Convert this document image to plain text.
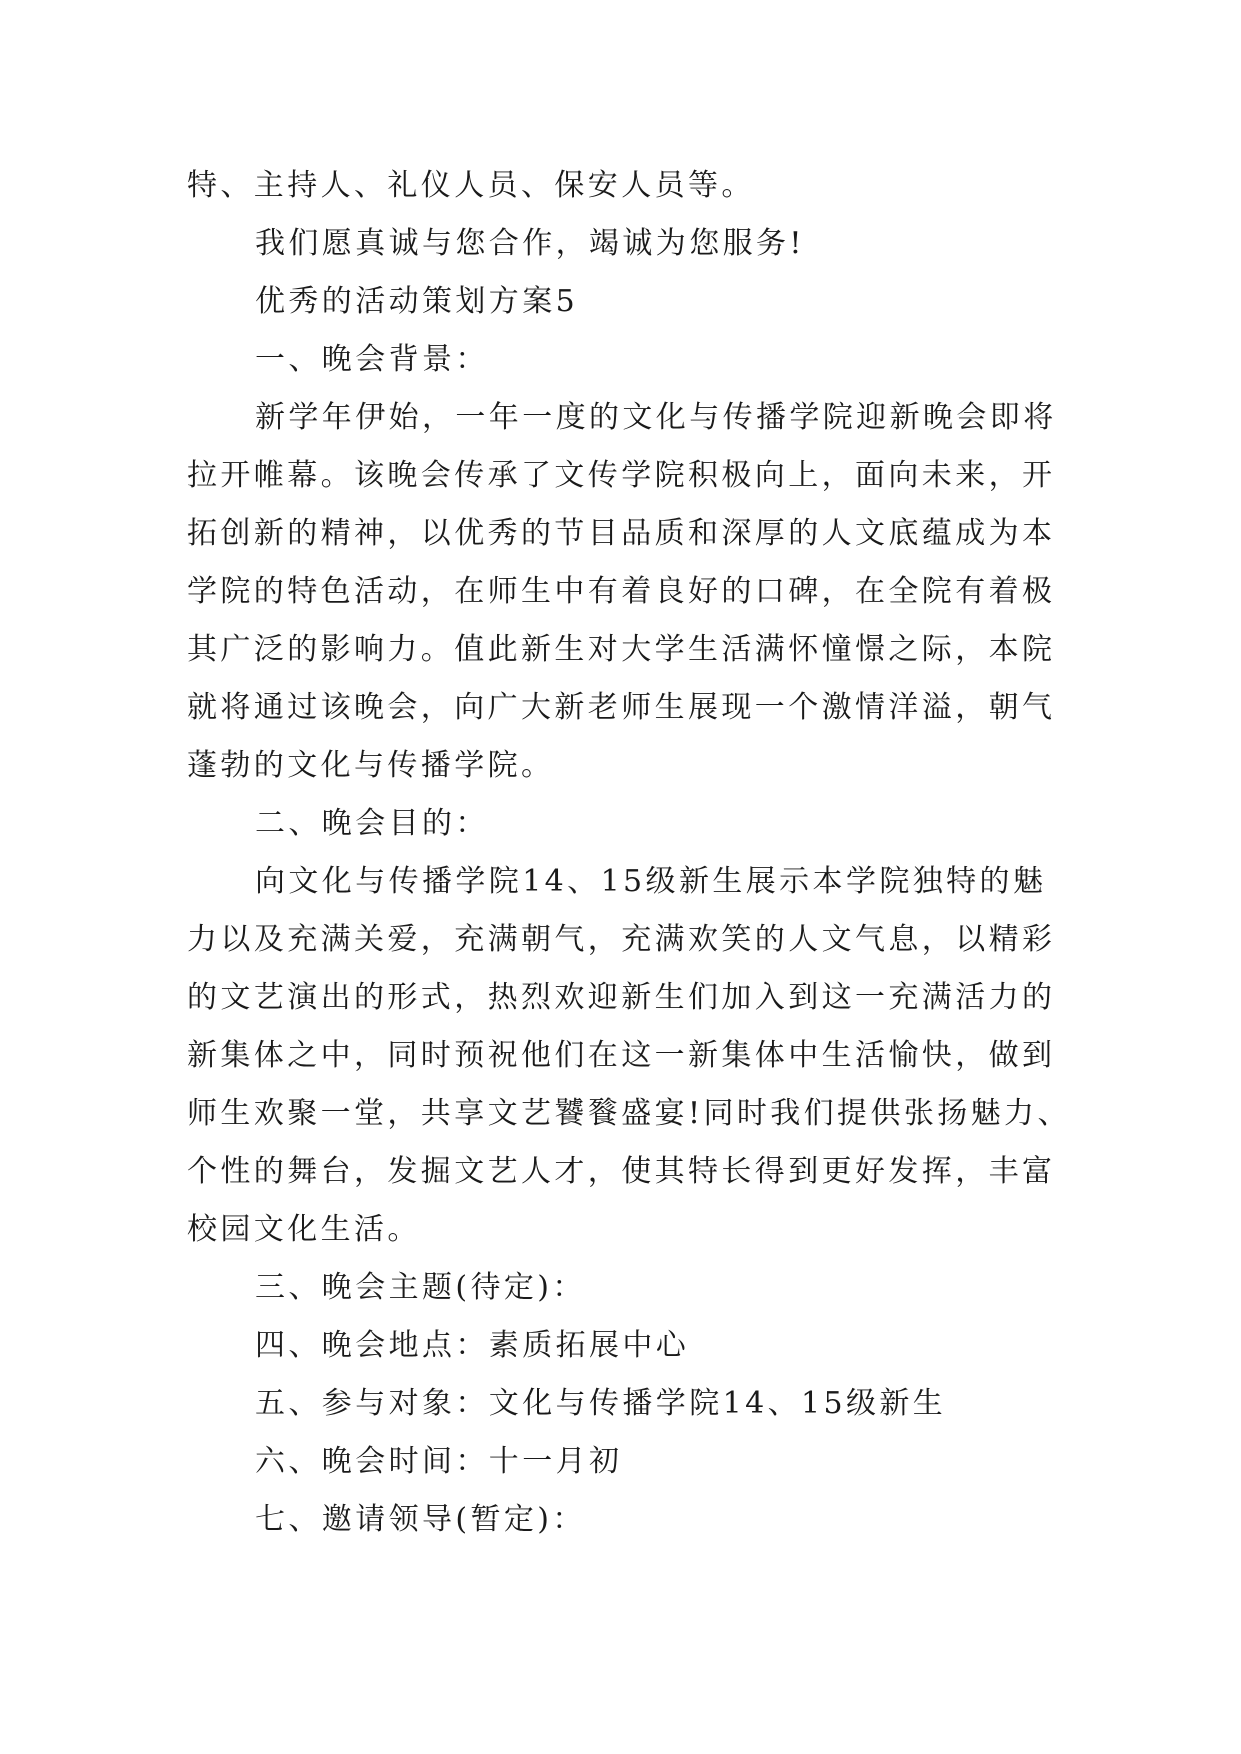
特、主持人、礼仪人员、保安人员等。

我们愿真诚与您合作，竭诚为您服务!

优秀的活动策划方案5

一、晚会背景：

新学年伊始，一年一度的文化与传播学院迎新晚会即将

拉开帷幕。该晚会传承了文传学院积极向上，面向未来，开

拓创新的精神，以优秀的节目品质和深厚的人文底蕴成为本

学院的特色活动，在师生中有着良好的口碑，在全院有着极

其广泛的影响力。值此新生对大学生活满怀憧憬之际，本院

就将通过该晚会，向广大新老师生展现一个激情洋溢，朝气

蓬勃的文化与传播学院。

二、晚会目的：

向文化与传播学院14、15级新生展示本学院独特的魅

力以及充满关爱，充满朝气，充满欢笑的人文气息，以精彩

的文艺演出的形式，热烈欢迎新生们加入到这一充满活力的

新集体之中，同时预祝他们在这一新集体中生活愉快，做到

师生欢聚一堂，共享文艺饕餮盛宴!同时我们提供张扬魅力、

个性的舞台，发掘文艺人才，使其特长得到更好发挥，丰富

校园文化生活。

三、晚会主题(待定)：

四、晚会地点：素质拓展中心

五、参与对象：文化与传播学院14、15级新生

六、晚会时间：十一月初

七、邀请领导(暂定)：
